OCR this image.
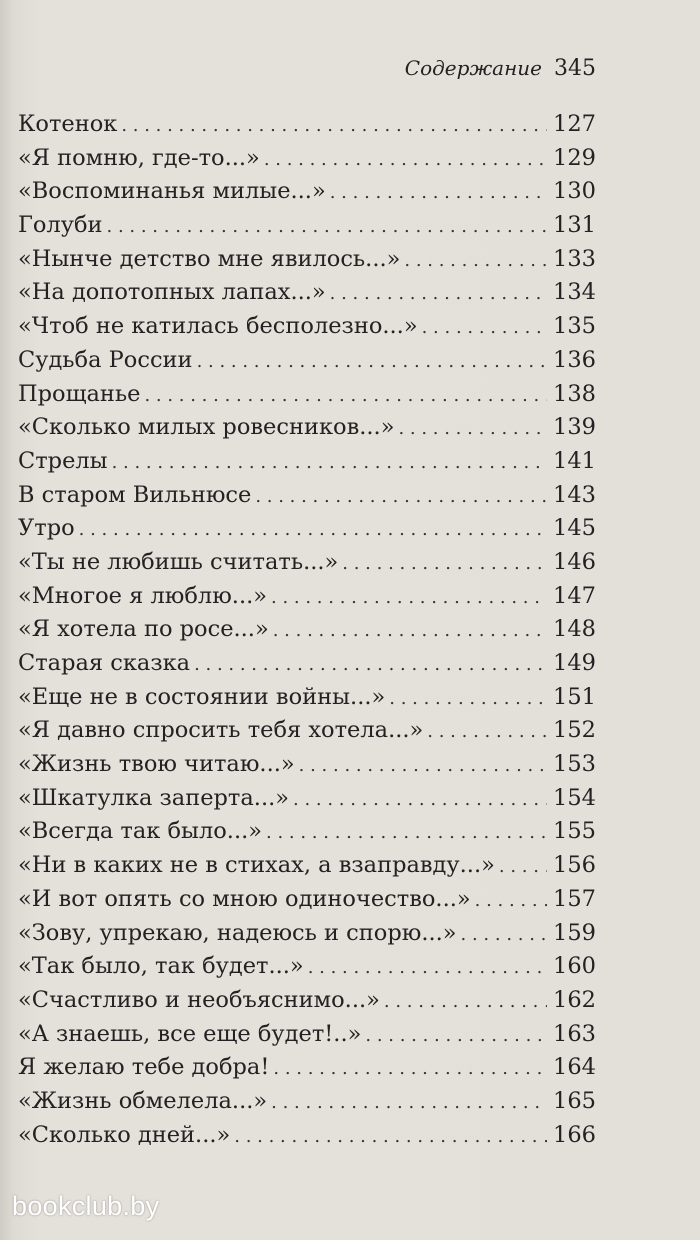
Содержание 345
Котенок . . .	127
«Я помню, где-то...» . . .	129
«Воспоминанья милые...» . . .	130
Голуби . . .	131
«Нынче детство мне явилось...» . . .	133
«На допотопных лапах...» . . .	134
«Чтоб не катилась бесполезно...» . . .	135
Судьба России . . .	136
Прощанье . . .	138
«Сколько милых ровесников...» . . .	139
Стрелы . . .	141
В старом Вильнюсе . . .	143
Утро . . .	145
«Ты не любишь считать...» . . .	146
«Многое я люблю...» . . .	147
«Я хотела по росе...» . . .	148
Старая сказка . . .	149
«Еще не в состоянии войны...» . . .	151
«Я давно спросить тебя хотела...» . . .	152
«Жизнь твою читаю...» . . .	153
«Шкатулка заперта...» . . .	154
«Всегда так было...» . . .	155
«Ни в каких не в стихах, а взаправду...» . . .	156
«И вот опять со мною одиночество...» . . .	157
«Зову, упрекаю, надеюсь и спорю...» . . .	159
«Так было, так будет...» . . .	160
«Счастливо и необъяснимо...» . . .	162
«А знаешь, все еще будет!..» . . .	163
Я желаю тебе добра! . . .	164
«Жизнь обмелела...» . . .	165
«Сколько дней...» . . .	166
bookclub.by
